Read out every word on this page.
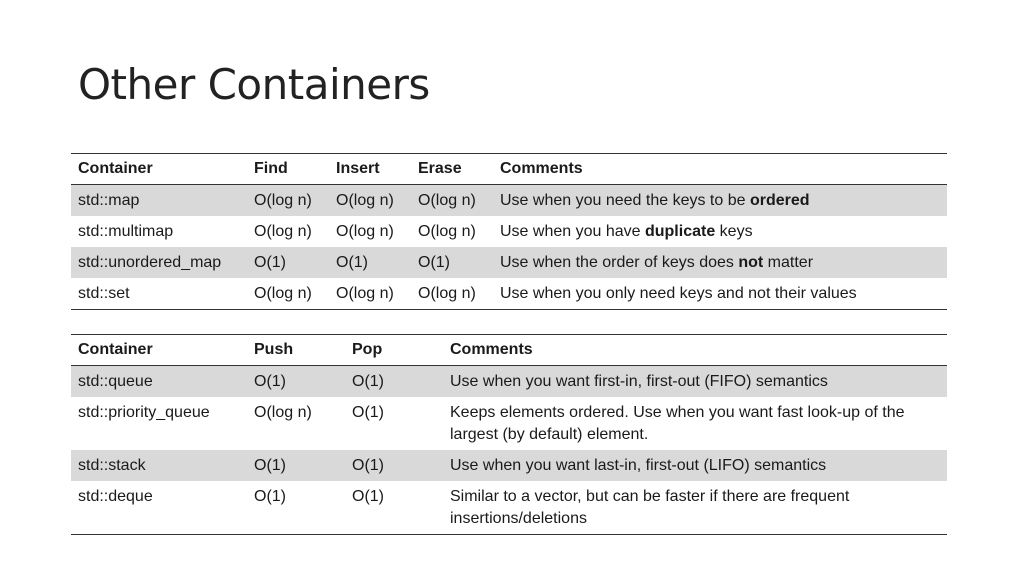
Other Containers
Container	Find	Insert	Erase	Comments
std::map	O(log n)	O(log n)	O(log n)	Use when you need the keys to be ordered
std::multimap	O(log n)	O(log n)	O(log n)	Use when you have duplicate keys
std::unordered_map	O(1)	O(1)	O(1)	Use when the order of keys does not matter
std::set	O(log n)	O(log n)	O(log n)	Use when you only need keys and not their values
Container	Push	Pop	Comments
std::queue	O(1)	O(1)	Use when you want first-in, first-out (FIFO) semantics
std::priority_queue	O(log n)	O(1)	Keeps elements ordered. Use when you want fast look-up of the largest (by default) element.
std::stack	O(1)	O(1)	Use when you want last-in, first-out (LIFO) semantics
std::deque	O(1)	O(1)	Similar to a vector, but can be faster if there are frequent insertions/deletions
